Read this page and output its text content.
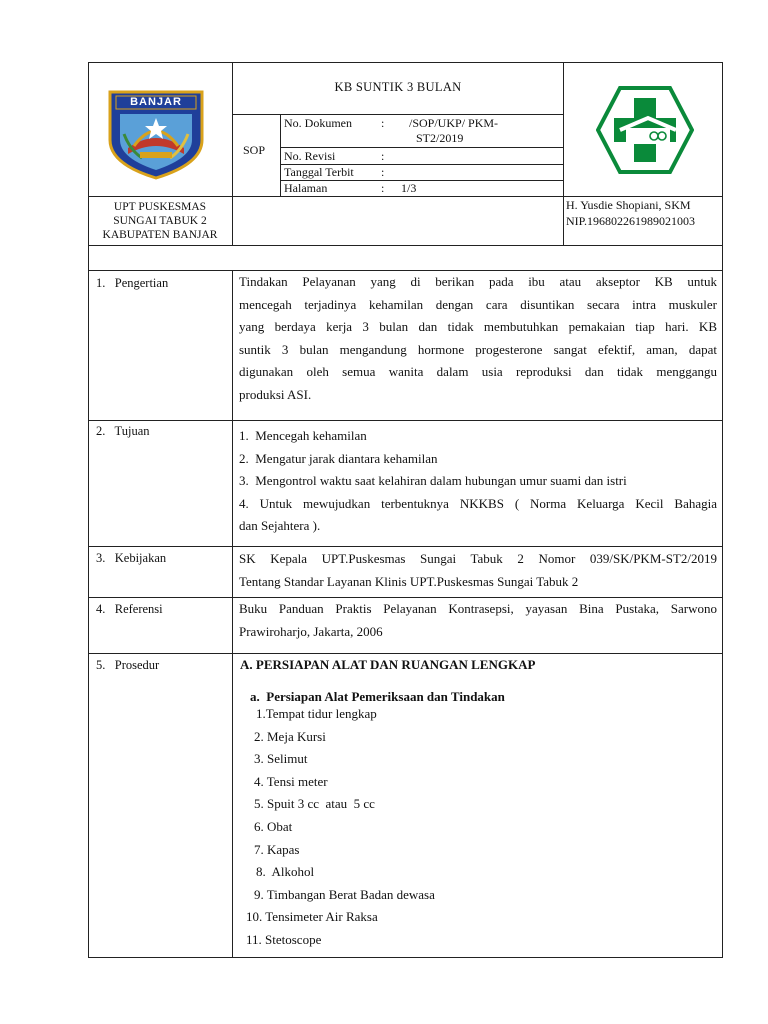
BANJAR
KB SUNTIK 3 BULAN
SOP
No. Dokumen : /SOP/UKP/ PKM-
ST2/2019
No. Revisi	:
Tanggal Terbit :
Halaman	: 1/3
UPT PUSKESMAS
SUNGAI TABUK 2
KABUPATEN BANJAR
H. Yusdie Shopiani, SKM
NIP.196802261989021003
1.   Pengertian	Tindakan Pelayanan yang di berikan pada ibu atau akseptor KB untuk
mencegah terjadinya kehamilan dengan cara disuntikan secara intra muskuler
yang berdaya kerja 3 bulan dan tidak membutuhkan pemakaian tiap hari. KB
suntik 3 bulan mengandung hormone progesterone sangat efektif, aman, dapat
digunakan oleh semua wanita dalam usia reproduksi dan tidak menggangu
produksi ASI.
2.   Tujuan	1.  Mencegah kehamilan
2.  Mengatur jarak diantara kehamilan
3.  Mengontrol waktu saat kelahiran dalam hubungan umur suami dan istri
4. Untuk mewujudkan terbentuknya NKKBS ( Norma Keluarga Kecil Bahagia
dan Sejahtera ).
3.   Kebijakan	SK Kepala UPT.Puskesmas Sungai Tabuk 2 Nomor 039/SK/PKM-ST2/2019
Tentang Standar Layanan Klinis UPT.Puskesmas Sungai Tabuk 2
4.   Referensi	Buku Panduan Praktis Pelayanan Kontrasepsi, yayasan Bina Pustaka, Sarwono
Prawiroharjo, Jakarta, 2006
5.   Prosedur	A. PERSIAPAN ALAT DAN RUANGAN LENGKAP
a.  Persiapan Alat Pemeriksaan dan Tindakan
1.Tempat tidur lengkap
2. Meja Kursi
3. Selimut
4. Tensi meter
5. Spuit 3 cc  atau  5 cc
6. Obat
7. Kapas
8.  Alkohol
9. Timbangan Berat Badan dewasa
10. Tensimeter Air Raksa
11. Stetoscope
